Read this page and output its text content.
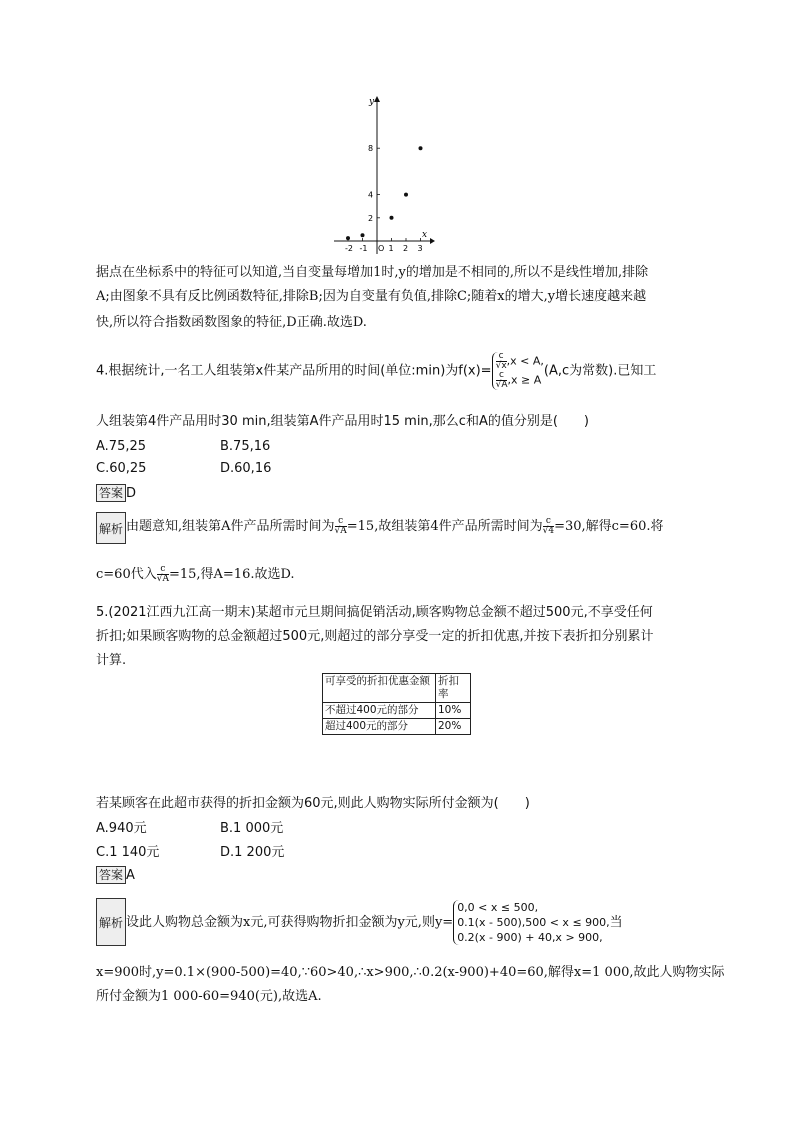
x
y
-2 -1 O 1 2 3
2
4
8
据点在坐标系中的特征可以知道,当自变量每增加1时,y的增加是不相同的,所以不是线性增加,排除
A;由图象不具有反比例函数特征,排除B;因为自变量有负值,排除C;随着x的增大,y增长速度越来越
快,所以符合指数函数图象的特征,D正确.故选D.
4.根据统计,一名工人组装第x件某产品所用的时间(单位:min)为$f(x)= \frac{c}{√x} ,x < A$,
$\frac{c}{√A} ,x \ge A$
(A,c为常数).已知工
人组装第4件产品用时30 min,组装第A件产品用时15 min,那么c和A的值分别是(　　)
A.75,25	B.75,16
C.60,25	D.60,16
答案 D
解析 由题意知,组装第A件产品所需时间为 $\frac{c}{√A} =15$,故组装第4件产品所需时间为 $\frac{c}{√4} =30$,解得c=60.将
c=60代入 $\frac{c}{√A} =15$,得A=16.故选D.
5.(2021江西九江高一期末)某超市元旦期间搞促销活动,顾客购物总金额不超过500元,不享受任何
折扣;如果顾客购物的总金额超过500元,则超过的部分享受一定的折扣优惠,并按下表折扣分别累计
计算.
可享受的折扣优惠金额	折扣率
不超过400元的部分	10%
超过400元的部分	20%
若某顾客在此超市获得的折扣金额为60元,则此人购物实际所付金额为(　　)
A.940元	B.1 000元
C.1 140元	D.1 200元
答案 A
解析 设此人购物总金额为x元,可获得购物折扣金额为y元,则y=
0,0 < x ≤ 500,
0.1(x - 500),500 < x ≤ 900,
0.2(x - 900) + 40,x > 900,
当
x=900时,y=0.1×(900-500)=40,∵60>40,∴x>900,∴0.2(x-900)+40=60,解得x=1 000,故此人购物实际
所付金额为1 000-60=940(元),故选A.
